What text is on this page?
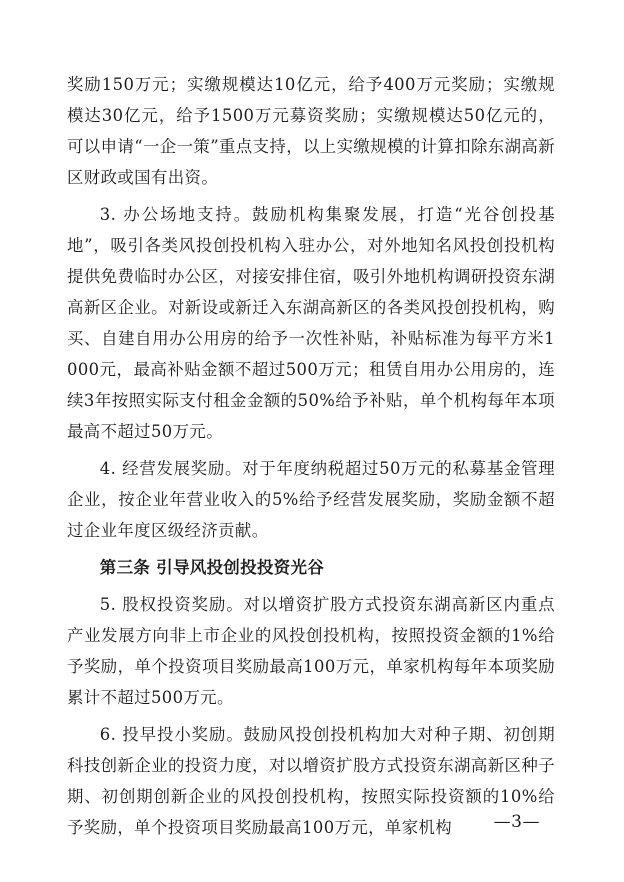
奖励150万元；实缴规模达10亿元，给予400万元奖励；实缴规模达30亿元，给予1500万元募资奖励；实缴规模达50亿元的，可以申请“一企一策”重点支持，以上实缴规模的计算扣除东湖高新区财政或国有出资。

3. 办公场地支持。鼓励机构集聚发展，打造“光谷创投基地”，吸引各类风投创投机构入驻办公，对外地知名风投创投机构提供免费临时办公区，对接安排住宿，吸引外地机构调研投资东湖高新区企业。对新设或新迁入东湖高新区的各类风投创投机构，购买、自建自用办公用房的给予一次性补贴，补贴标准为每平方米1000元，最高补贴金额不超过500万元；租赁自用办公用房的，连续3年按照实际支付租金金额的50%给予补贴，单个机构每年本项最高不超过50万元。

4. 经营发展奖励。对于年度纳税超过50万元的私募基金管理企业，按企业年营业收入的5%给予经营发展奖励，奖励金额不超过企业年度区级经济贡献。

第三条 引导风投创投投资光谷

5. 股权投资奖励。对以增资扩股方式投资东湖高新区内重点产业发展方向非上市企业的风投创投机构，按照投资金额的1%给予奖励，单个投资项目奖励最高100万元，单家机构每年本项奖励累计不超过500万元。

6. 投早投小奖励。鼓励风投创投机构加大对种子期、初创期科技创新企业的投资力度，对以增资扩股方式投资东湖高新区种子期、初创期创新企业的风投创投机构，按照实际投资额的10%给予奖励，单个投资项目奖励最高100万元，单家机构	—3—
